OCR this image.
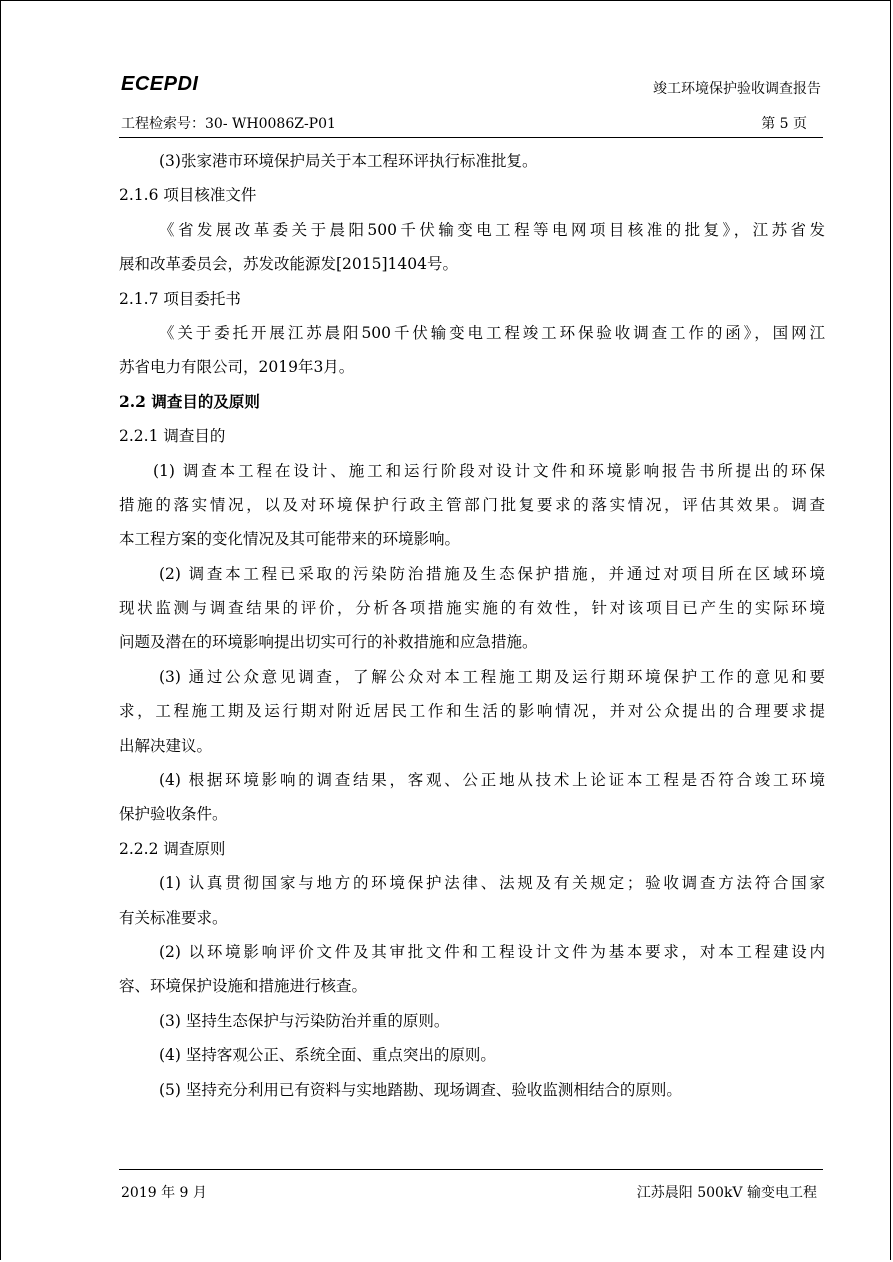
ECEPDI	竣工环境保护验收调查报告
工程检索号：30- WH0086Z-P01	第 5 页
(3)张家港市环境保护局关于本工程环评执行标准批复。
2.1.6 项目核准文件
《省发展改革委关于晨阳500千伏输变电工程等电网项目核准的批复》，江苏省发
展和改革委员会，苏发改能源发[2015]1404号。
2.1.7 项目委托书
《关于委托开展江苏晨阳500千伏输变电工程竣工环保验收调查工作的函》，国网江
苏省电力有限公司，2019年3月。
2.2 调查目的及原则
2.2.1 调查目的
(1) 调查本工程在设计、施工和运行阶段对设计文件和环境影响报告书所提出的环保
措施的落实情况，以及对环境保护行政主管部门批复要求的落实情况，评估其效果。调查
本工程方案的变化情况及其可能带来的环境影响。
(2) 调查本工程已采取的污染防治措施及生态保护措施，并通过对项目所在区域环境
现状监测与调查结果的评价，分析各项措施实施的有效性，针对该项目已产生的实际环境
问题及潜在的环境影响提出切实可行的补救措施和应急措施。
(3) 通过公众意见调查，了解公众对本工程施工期及运行期环境保护工作的意见和要
求，工程施工期及运行期对附近居民工作和生活的影响情况，并对公众提出的合理要求提
出解决建议。
(4) 根据环境影响的调查结果，客观、公正地从技术上论证本工程是否符合竣工环境
保护验收条件。
2.2.2 调查原则
(1) 认真贯彻国家与地方的环境保护法律、法规及有关规定；验收调查方法符合国家
有关标准要求。
(2) 以环境影响评价文件及其审批文件和工程设计文件为基本要求，对本工程建设内
容、环境保护设施和措施进行核查。
(3) 坚持生态保护与污染防治并重的原则。
(4) 坚持客观公正、系统全面、重点突出的原则。
(5) 坚持充分利用已有资料与实地踏勘、现场调查、验收监测相结合的原则。
2019 年 9 月	江苏晨阳 500kV 输变电工程
